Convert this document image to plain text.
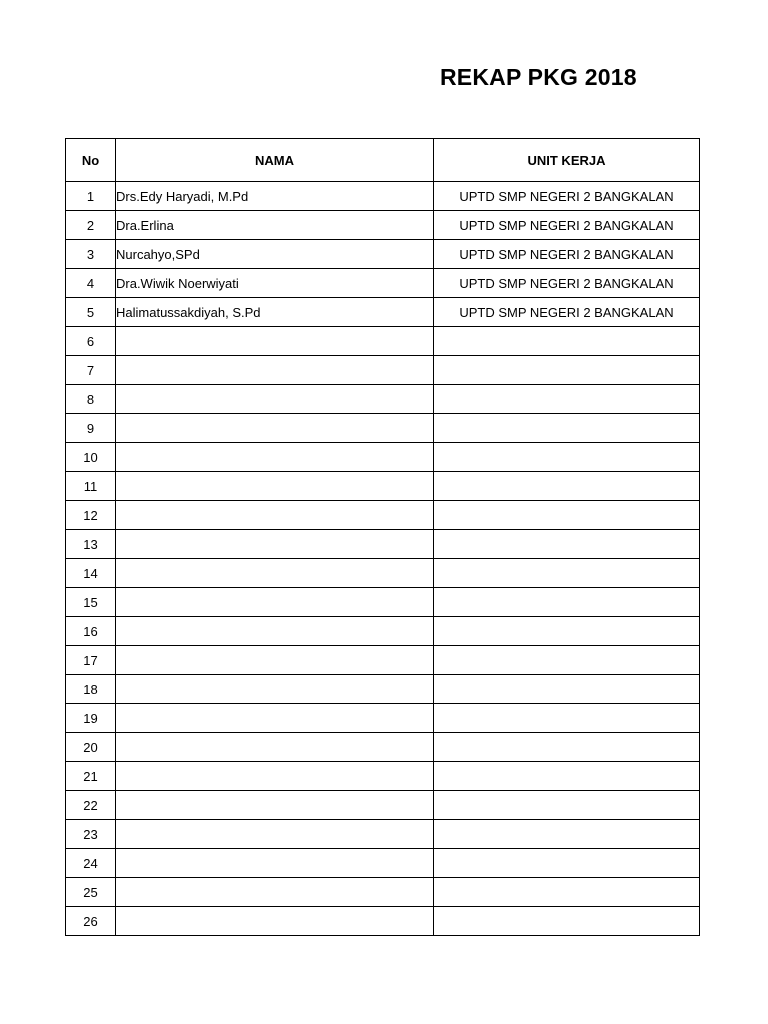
REKAP PKG 2018
No	NAMA	UNIT KERJA
1	Drs.Edy Haryadi, M.Pd	UPTD SMP NEGERI 2 BANGKALAN
2	Dra.Erlina	UPTD SMP NEGERI 2 BANGKALAN
3	Nurcahyo,SPd	UPTD SMP NEGERI 2 BANGKALAN
4	Dra.Wiwik Noerwiyati	UPTD SMP NEGERI 2 BANGKALAN
5	Halimatussakdiyah, S.Pd	UPTD SMP NEGERI 2 BANGKALAN
6		
7		
8		
9		
10		
11		
12		
13		
14		
15		
16		
17		
18		
19		
20		
21		
22		
23		
24		
25		
26		
